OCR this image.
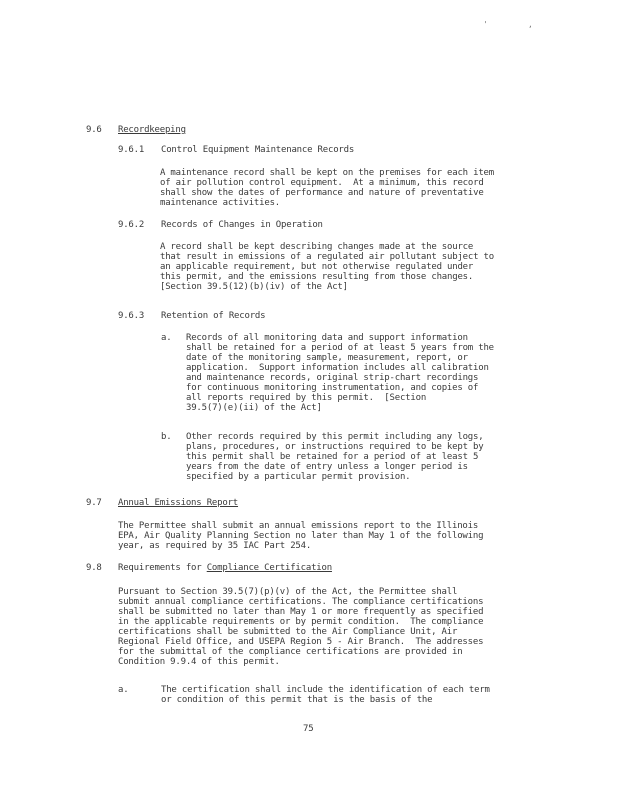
'	,
9.6 Recordkeeping
9.6.1 Control Equipment Maintenance Records
A maintenance record shall be kept on the premises for each item
of air pollution control equipment.  At a minimum, this record
shall show the dates of performance and nature of preventative
maintenance activities.
9.6.2 Records of Changes in Operation
A record shall be kept describing changes made at the source
that result in emissions of a regulated air pollutant subject to
an applicable requirement, but not otherwise regulated under
this permit, and the emissions resulting from those changes.
[Section 39.5(12)(b)(iv) of the Act]
9.6.3 Retention of Records
a. Records of all monitoring data and support information
shall be retained for a period of at least 5 years from the
date of the monitoring sample, measurement, report, or
application.  Support information includes all calibration
and maintenance records, original strip-chart recordings
for continuous monitoring instrumentation, and copies of
all reports required by this permit.  [Section
39.5(7)(e)(ii) of the Act]
b. Other records required by this permit including any logs,
plans, procedures, or instructions required to be kept by
this permit shall be retained for a period of at least 5
years from the date of entry unless a longer period is
specified by a particular permit provision.
9.7 Annual Emissions Report
The Permittee shall submit an annual emissions report to the Illinois
EPA, Air Quality Planning Section no later than May 1 of the following
year, as required by 35 IAC Part 254.
9.8 Requirements for Compliance Certification
Pursuant to Section 39.5(7)(p)(v) of the Act, the Permittee shall
submit annual compliance certifications. The compliance certifications
shall be submitted no later than May 1 or more frequently as specified
in the applicable requirements or by permit condition.  The compliance
certifications shall be submitted to the Air Compliance Unit, Air
Regional Field Office, and USEPA Region 5 - Air Branch.  The addresses
for the submittal of the compliance certifications are provided in
Condition 9.9.4 of this permit.
a.	The certification shall include the identification of each term
or condition of this permit that is the basis of the
75
